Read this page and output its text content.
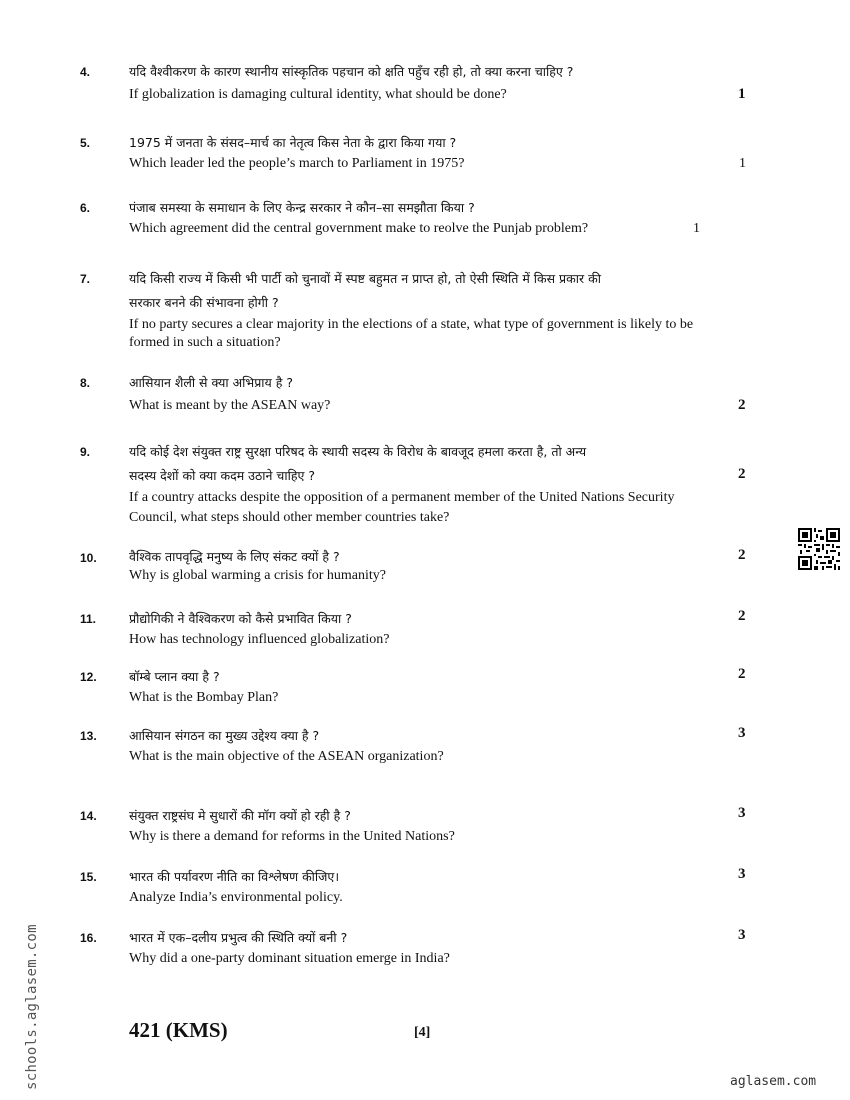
4.	यदि वैश्वीकरण के कारण स्थानीय सांस्कृतिक पहचान को क्षति पहुँच रही हो, तो क्या करना चाहिए ?
If globalization is damaging cultural identity, what should be done?	1
5.	1975 में जनता के संसद–मार्च का नेतृत्व किस नेता के द्वारा किया गया ?
Which leader led the people’s march to Parliament in 1975?	1
6.	पंजाब समस्या के समाधान के लिए केन्द्र सरकार ने कौन–सा समझौता किया ?
Which agreement did the central government make to reolve the Punjab problem?	1
7.	यदि किसी राज्य में किसी भी पार्टी को चुनावों में स्पष्ट बहुमत न प्राप्त हो, तो ऐसी स्थिति में किस प्रकार की
सरकार बनने की संभावना होगी ?
If no party secures a clear majority in the elections of a state, what type of government is likely to be
formed in such a situation?
8.	आसियान शैली से क्या अभिप्राय है ?
What is meant by the ASEAN way?	2
9.	यदि कोई देश संयुक्त राष्ट्र सुरक्षा परिषद के स्थायी सदस्य के विरोध के बावजूद हमला करता है, तो अन्य
सदस्य देशों को क्या कदम उठाने चाहिए ?	2
If a country attacks despite the opposition of a permanent member of the United Nations Security
Council, what steps should other member countries take?
10.	वैश्विक तापवृद्धि मनुष्य के लिए संकट क्यों है ?
Why is global warming a crisis for humanity?
2
11.	प्रौद्योगिकी ने वैश्विकरण को कैसे प्रभावित किया ?
How has technology influenced globalization?
2
12.	बॉम्बे प्लान क्या है ?
What is the Bombay Plan?
2
13.	आसियान संगठन का मुख्य उद्देश्य क्या है ?
What is the main objective of the ASEAN organization?
3
14.	संयुक्त राष्ट्रसंघ मे सुधारों की मॉग क्यों हो रही है ?
Why is there a demand for reforms in the United Nations?
3
15.	भारत की पर्यावरण नीति का विश्लेषण कीजिए।
Analyze India’s environmental policy.
3
16.	भारत में एक–दलीय प्रभुत्व की स्थिति क्यों बनी ?
Why did a one-party dominant situation emerge in India?
3
421 (KMS)	[4]
schools.aglasem.com	aglasem.com
